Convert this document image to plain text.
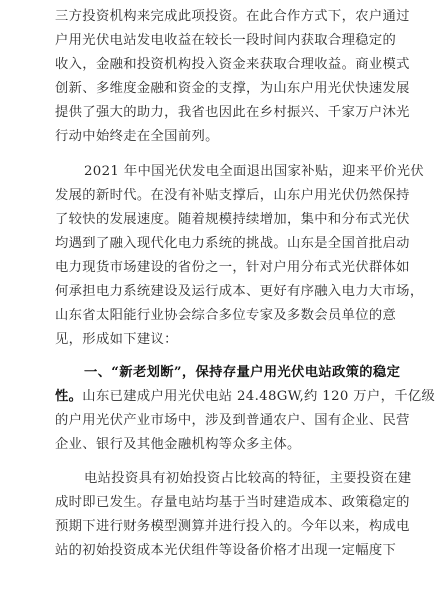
三方投资机构来完成此项投资。在此合作方式下，农户通过
户用光伏电站发电收益在较长一段时间内获取合理稳定的
收入，金融和投资机构投入资金来获取合理收益。商业模式
创新、多维度金融和资金的支撑，为山东户用光伏快速发展
提供了强大的助力，我省也因此在乡村振兴、千家万户沐光
行动中始终走在全国前列。
2021 年中国光伏发电全面退出国家补贴，迎来平价光伏
发展的新时代。在没有补贴支撑后，山东户用光伏仍然保持
了较快的发展速度。随着规模持续增加，集中和分布式光伏
均遇到了融入现代化电力系统的挑战。山东是全国首批启动
电力现货市场建设的省份之一，针对户用分布式光伏群体如
何承担电力系统建设及运行成本、更好有序融入电力大市场，
山东省太阳能行业协会综合多位专家及多数会员单位的意
见，形成如下建议：
一、“新老划断”，保持存量户用光伏电站政策的稳定
性。山东已建成户用光伏电站 24.48GW,约 120 万户，千亿级
的户用光伏产业市场中，涉及到普通农户、国有企业、民营
企业、银行及其他金融机构等众多主体。
电站投资具有初始投资占比较高的特征，主要投资在建
成时即已发生。存量电站均基于当时建造成本、政策稳定的
预期下进行财务模型测算并进行投入的。今年以来，构成电
站的初始投资成本光伏组件等设备价格才出现一定幅度下
